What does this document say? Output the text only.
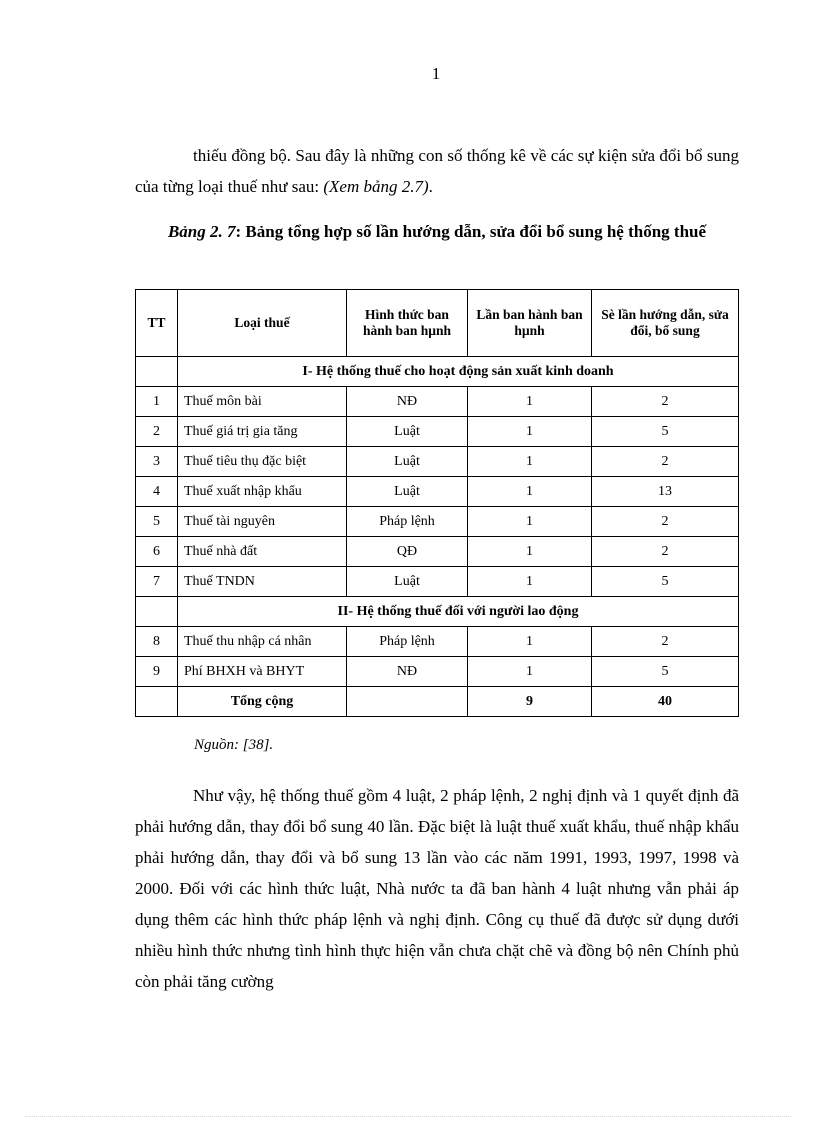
1
thiếu đồng bộ. Sau đây là những con số thống kê về các sự kiện sửa đổi bổ sung của từng loại thuế như sau: (Xem bảng 2.7).
Bảng 2. 7: Bảng tổng hợp số lần hướng dẫn, sửa đổi bổ sung hệ thống thuế
TT	Loại thuế	Hình thức ban hành ban hµnh	Lần ban hành ban hµnh	Sè lần hướng dẫn, sửa đổi, bổ sung
	I- Hệ thống thuế cho hoạt động sản xuất kinh doanh			
1	Thuế môn bài	NĐ	1	2
2	Thuế giá trị gia tăng	Luật	1	5
3	Thuế tiêu thụ đặc biệt	Luật	1	2
4	Thuế xuất nhập khẩu	Luật	1	13
5	Thuế tài nguyên	Pháp lệnh	1	2
6	Thuế nhà đất	QĐ	1	2
7	Thuế TNDN	Luật	1	5
	II- Hệ thống thuế đối với người lao động			
8	Thuế thu nhập cá nhân	Pháp lệnh	1	2
9	Phí BHXH và BHYT	NĐ	1	5
	Tổng cộng		9	40
Nguồn: [38].
Như vậy, hệ thống thuế gồm 4 luật, 2 pháp lệnh, 2 nghị định và 1 quyết định đã phải hướng dẫn, thay đổi bổ sung 40 lần. Đặc biệt là luật thuế xuất khẩu, thuế nhập khẩu phải hướng dẫn, thay đổi và bổ sung 13 lần vào các năm 1991, 1993, 1997, 1998 và 2000. Đối với các hình thức luật, Nhà nước ta đã ban hành 4 luật nhưng vẫn phải áp dụng thêm các hình thức pháp lệnh và nghị định. Công cụ thuế đã được sử dụng dưới nhiều hình thức nhưng tình hình thực hiện vẫn chưa chặt chẽ và đồng bộ nên Chính phủ còn phải tăng cường
